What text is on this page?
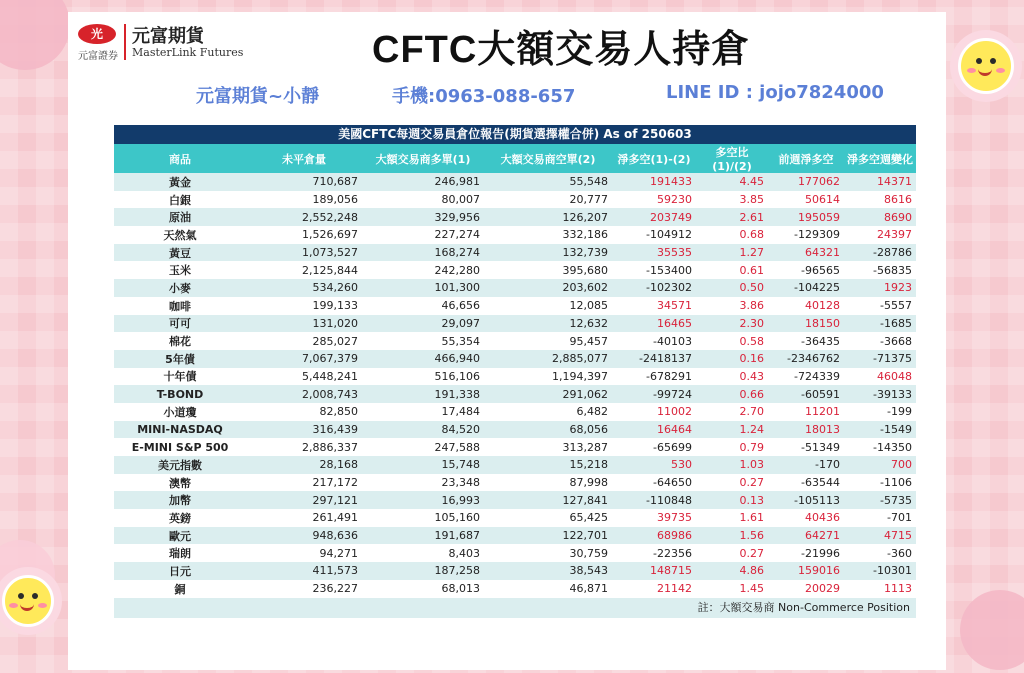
光
元富證券
元富期貨
MasterLink Futures	CFTC大額交易人持倉
元富期貨~小靜	手機:0963-088-657	LINE ID : jojo7824000
美國CFTC每週交易員倉位報告(期貨選擇權合併) As of 250603
商品	未平倉量	大額交易商多單(1)	大額交易商空單(2)	淨多空(1)-(2)	多空比(1)/(2)	前週淨多空	淨多空週變化
黃金	710,687	246,981	55,548	191433	4.45	177062	14371
白銀	189,056	80,007	20,777	59230	3.85	50614	8616
原油	2,552,248	329,956	126,207	203749	2.61	195059	8690
天然氣	1,526,697	227,274	332,186	-104912	0.68	-129309	24397
黃豆	1,073,527	168,274	132,739	35535	1.27	64321	-28786
玉米	2,125,844	242,280	395,680	-153400	0.61	-96565	-56835
小麥	534,260	101,300	203,602	-102302	0.50	-104225	1923
咖啡	199,133	46,656	12,085	34571	3.86	40128	-5557
可可	131,020	29,097	12,632	16465	2.30	18150	-1685
棉花	285,027	55,354	95,457	-40103	0.58	-36435	-3668
5年債	7,067,379	466,940	2,885,077	-2418137	0.16	-2346762	-71375
十年債	5,448,241	516,106	1,194,397	-678291	0.43	-724339	46048
T-BOND	2,008,743	191,338	291,062	-99724	0.66	-60591	-39133
小道瓊	82,850	17,484	6,482	11002	2.70	11201	-199
MINI-NASDAQ	316,439	84,520	68,056	16464	1.24	18013	-1549
E-MINI S&P 500	2,886,337	247,588	313,287	-65699	0.79	-51349	-14350
美元指數	28,168	15,748	15,218	530	1.03	-170	700
澳幣	217,172	23,348	87,998	-64650	0.27	-63544	-1106
加幣	297,121	16,993	127,841	-110848	0.13	-105113	-5735
英鎊	261,491	105,160	65,425	39735	1.61	40436	-701
歐元	948,636	191,687	122,701	68986	1.56	64271	4715
瑞朗	94,271	8,403	30,759	-22356	0.27	-21996	-360
日元	411,573	187,258	38,543	148715	4.86	159016	-10301
銅	236,227	68,013	46,871	21142	1.45	20029	1113
註：大額交易商 Non-Commerce Position
